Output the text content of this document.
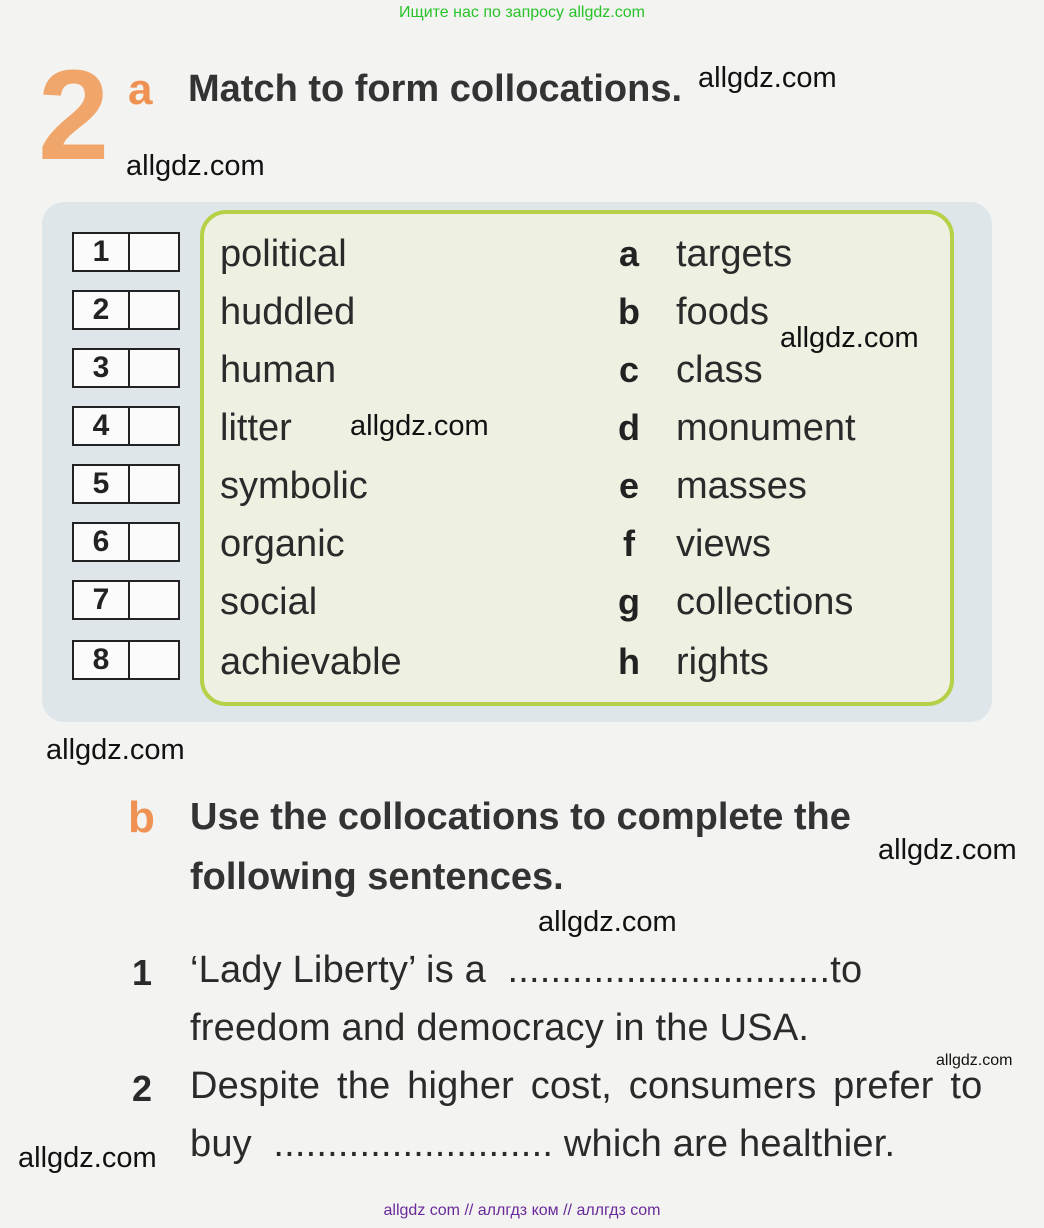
Ищите нас по запросу allgdz.com
2 a Match to form collocations.
1	political	a targets
2	huddled	b foods
3	human	c class
4	litter	d monument
5	symbolic	e masses
6	organic	f views
7	social	g collections
8	achievable	h rights
b Use the collocations to complete the
following sentences.
1 ‘Lady Liberty’ is a  ..............................to
freedom and democracy in the USA.
2 Despite the higher cost, consumers prefer to
buy  .......................... which are healthier.
allgdz.com
allgdz.com
allgdz.com
allgdz.com
allgdz.com
allgdz.com
allgdz.com
allgdz.com
allgdz.com
allgdz com // аллгдз ком // аллгдз com
